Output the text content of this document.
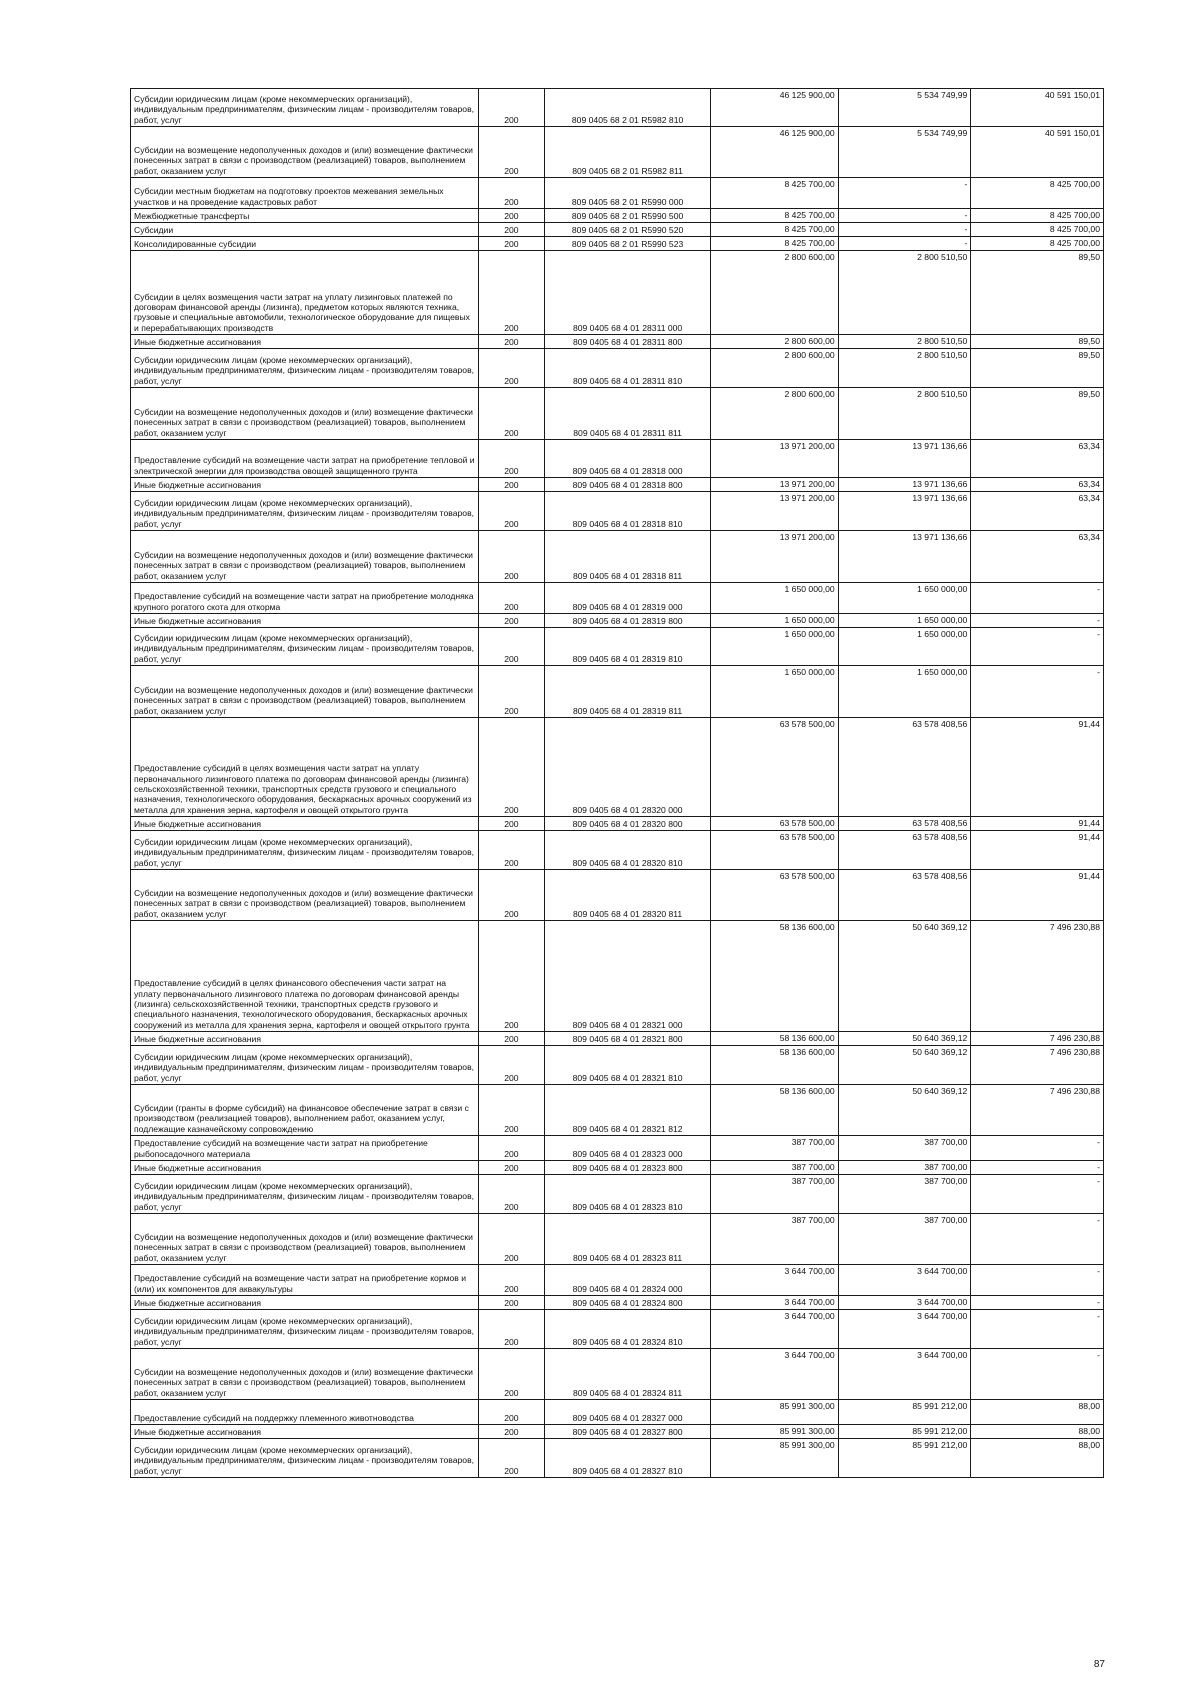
Субсидии юридическим лицам (кроме некоммерческих организаций), индивидуальным предпринимателям, физическим лицам - производителям товаров, работ, услуг	200	809 0405 68 2 01 R5982 810	46 125 900,00	5 534 749,99	40 591 150,01
Субсидии на возмещение недополученных доходов и (или) возмещение фактически понесенных затрат в связи с производством (реализацией) товаров, выполнением работ, оказанием услуг	200	809 0405 68 2 01 R5982 811	46 125 900,00	5 534 749,99	40 591 150,01
Субсидии местным бюджетам на подготовку проектов межевания земельных участков и на проведение кадастровых работ	200	809 0405 68 2 01 R5990 000	8 425 700,00	-	8 425 700,00
Межбюджетные трансферты	200	809 0405 68 2 01 R5990 500	8 425 700,00	-	8 425 700,00
Субсидии	200	809 0405 68 2 01 R5990 520	8 425 700,00	-	8 425 700,00
Консолидированные субсидии	200	809 0405 68 2 01 R5990 523	8 425 700,00	-	8 425 700,00
Субсидии в целях возмещения части затрат на уплату лизинговых платежей по договорам финансовой аренды (лизинга), предметом которых являются техника, грузовые и специальные автомобили, технологическое оборудование для пищевых и перерабатывающих производств	200	809 0405 68 4 01 28311 000	2 800 600,00	2 800 510,50	89,50
Иные бюджетные ассигнования	200	809 0405 68 4 01 28311 800	2 800 600,00	2 800 510,50	89,50
Субсидии юридическим лицам (кроме некоммерческих организаций), индивидуальным предпринимателям, физическим лицам - производителям товаров, работ, услуг	200	809 0405 68 4 01 28311 810	2 800 600,00	2 800 510,50	89,50
Субсидии на возмещение недополученных доходов и (или) возмещение фактически понесенных затрат в связи с производством (реализацией) товаров, выполнением работ, оказанием услуг	200	809 0405 68 4 01 28311 811	2 800 600,00	2 800 510,50	89,50
Предоставление субсидий на возмещение части затрат на приобретение тепловой и электрической энергии для производства овощей защищенного грунта	200	809 0405 68 4 01 28318 000	13 971 200,00	13 971 136,66	63,34
Иные бюджетные ассигнования	200	809 0405 68 4 01 28318 800	13 971 200,00	13 971 136,66	63,34
Субсидии юридическим лицам (кроме некоммерческих организаций), индивидуальным предпринимателям, физическим лицам - производителям товаров, работ, услуг	200	809 0405 68 4 01 28318 810	13 971 200,00	13 971 136,66	63,34
Субсидии на возмещение недополученных доходов и (или) возмещение фактически понесенных затрат в связи с производством (реализацией) товаров, выполнением работ, оказанием услуг	200	809 0405 68 4 01 28318 811	13 971 200,00	13 971 136,66	63,34
Предоставление субсидий на возмещение части затрат на приобретение молодняка крупного рогатого скота для откорма	200	809 0405 68 4 01 28319 000	1 650 000,00	1 650 000,00	-
Иные бюджетные ассигнования	200	809 0405 68 4 01 28319 800	1 650 000,00	1 650 000,00	-
Субсидии юридическим лицам (кроме некоммерческих организаций), индивидуальным предпринимателям, физическим лицам - производителям товаров, работ, услуг	200	809 0405 68 4 01 28319 810	1 650 000,00	1 650 000,00	-
Субсидии на возмещение недополученных доходов и (или) возмещение фактически понесенных затрат в связи с производством (реализацией) товаров, выполнением работ, оказанием услуг	200	809 0405 68 4 01 28319 811	1 650 000,00	1 650 000,00	-
Предоставление субсидий в целях возмещения части затрат на уплату первоначального лизингового платежа по договорам финансовой аренды (лизинга) сельскохозяйственной техники, транспортных средств грузового и специального назначения, технологического оборудования, бескаркасных арочных сооружений из металла для хранения зерна, картофеля и овощей открытого грунта	200	809 0405 68 4 01 28320 000	63 578 500,00	63 578 408,56	91,44
Иные бюджетные ассигнования	200	809 0405 68 4 01 28320 800	63 578 500,00	63 578 408,56	91,44
Субсидии юридическим лицам (кроме некоммерческих организаций), индивидуальным предпринимателям, физическим лицам - производителям товаров, работ, услуг	200	809 0405 68 4 01 28320 810	63 578 500,00	63 578 408,56	91,44
Субсидии на возмещение недополученных доходов и (или) возмещение фактически понесенных затрат в связи с производством (реализацией) товаров, выполнением работ, оказанием услуг	200	809 0405 68 4 01 28320 811	63 578 500,00	63 578 408,56	91,44
Предоставление субсидий в целях финансового обеспечения части затрат на уплату первоначального лизингового платежа по договорам финансовой аренды (лизинга) сельскохозяйственной техники, транспортных средств грузового и специального назначения, технологического оборудования, бескаркасных арочных сооружений из металла для хранения зерна, картофеля и овощей открытого грунта	200	809 0405 68 4 01 28321 000	58 136 600,00	50 640 369,12	7 496 230,88
Иные бюджетные ассигнования	200	809 0405 68 4 01 28321 800	58 136 600,00	50 640 369,12	7 496 230,88
Субсидии юридическим лицам (кроме некоммерческих организаций), индивидуальным предпринимателям, физическим лицам - производителям товаров, работ, услуг	200	809 0405 68 4 01 28321 810	58 136 600,00	50 640 369,12	7 496 230,88
Субсидии (гранты в форме субсидий) на финансовое обеспечение затрат в связи с производством (реализацией товаров), выполнением работ, оказанием услуг, подлежащие казначейскому сопровождению	200	809 0405 68 4 01 28321 812	58 136 600,00	50 640 369,12	7 496 230,88
Предоставление субсидий на возмещение части затрат на приобретение рыбопосадочного материала	200	809 0405 68 4 01 28323 000	387 700,00	387 700,00	-
Иные бюджетные ассигнования	200	809 0405 68 4 01 28323 800	387 700,00	387 700,00	-
Субсидии юридическим лицам (кроме некоммерческих организаций), индивидуальным предпринимателям, физическим лицам - производителям товаров, работ, услуг	200	809 0405 68 4 01 28323 810	387 700,00	387 700,00	-
Субсидии на возмещение недополученных доходов и (или) возмещение фактически понесенных затрат в связи с производством (реализацией) товаров, выполнением работ, оказанием услуг	200	809 0405 68 4 01 28323 811	387 700,00	387 700,00	-
Предоставление субсидий на возмещение части затрат на приобретение кормов и (или) их компонентов для аквакультуры	200	809 0405 68 4 01 28324 000	3 644 700,00	3 644 700,00	-
Иные бюджетные ассигнования	200	809 0405 68 4 01 28324 800	3 644 700,00	3 644 700,00	-
Субсидии юридическим лицам (кроме некоммерческих организаций), индивидуальным предпринимателям, физическим лицам - производителям товаров, работ, услуг	200	809 0405 68 4 01 28324 810	3 644 700,00	3 644 700,00	-
Субсидии на возмещение недополученных доходов и (или) возмещение фактически понесенных затрат в связи с производством (реализацией) товаров, выполнением работ, оказанием услуг	200	809 0405 68 4 01 28324 811	3 644 700,00	3 644 700,00	-
Предоставление субсидий на поддержку племенного животноводства	200	809 0405 68 4 01 28327 000	85 991 300,00	85 991 212,00	88,00
Иные бюджетные ассигнования	200	809 0405 68 4 01 28327 800	85 991 300,00	85 991 212,00	88,00
Субсидии юридическим лицам (кроме некоммерческих организаций), индивидуальным предпринимателям, физическим лицам - производителям товаров, работ, услуг	200	809 0405 68 4 01 28327 810	85 991 300,00	85 991 212,00	88,00
87
